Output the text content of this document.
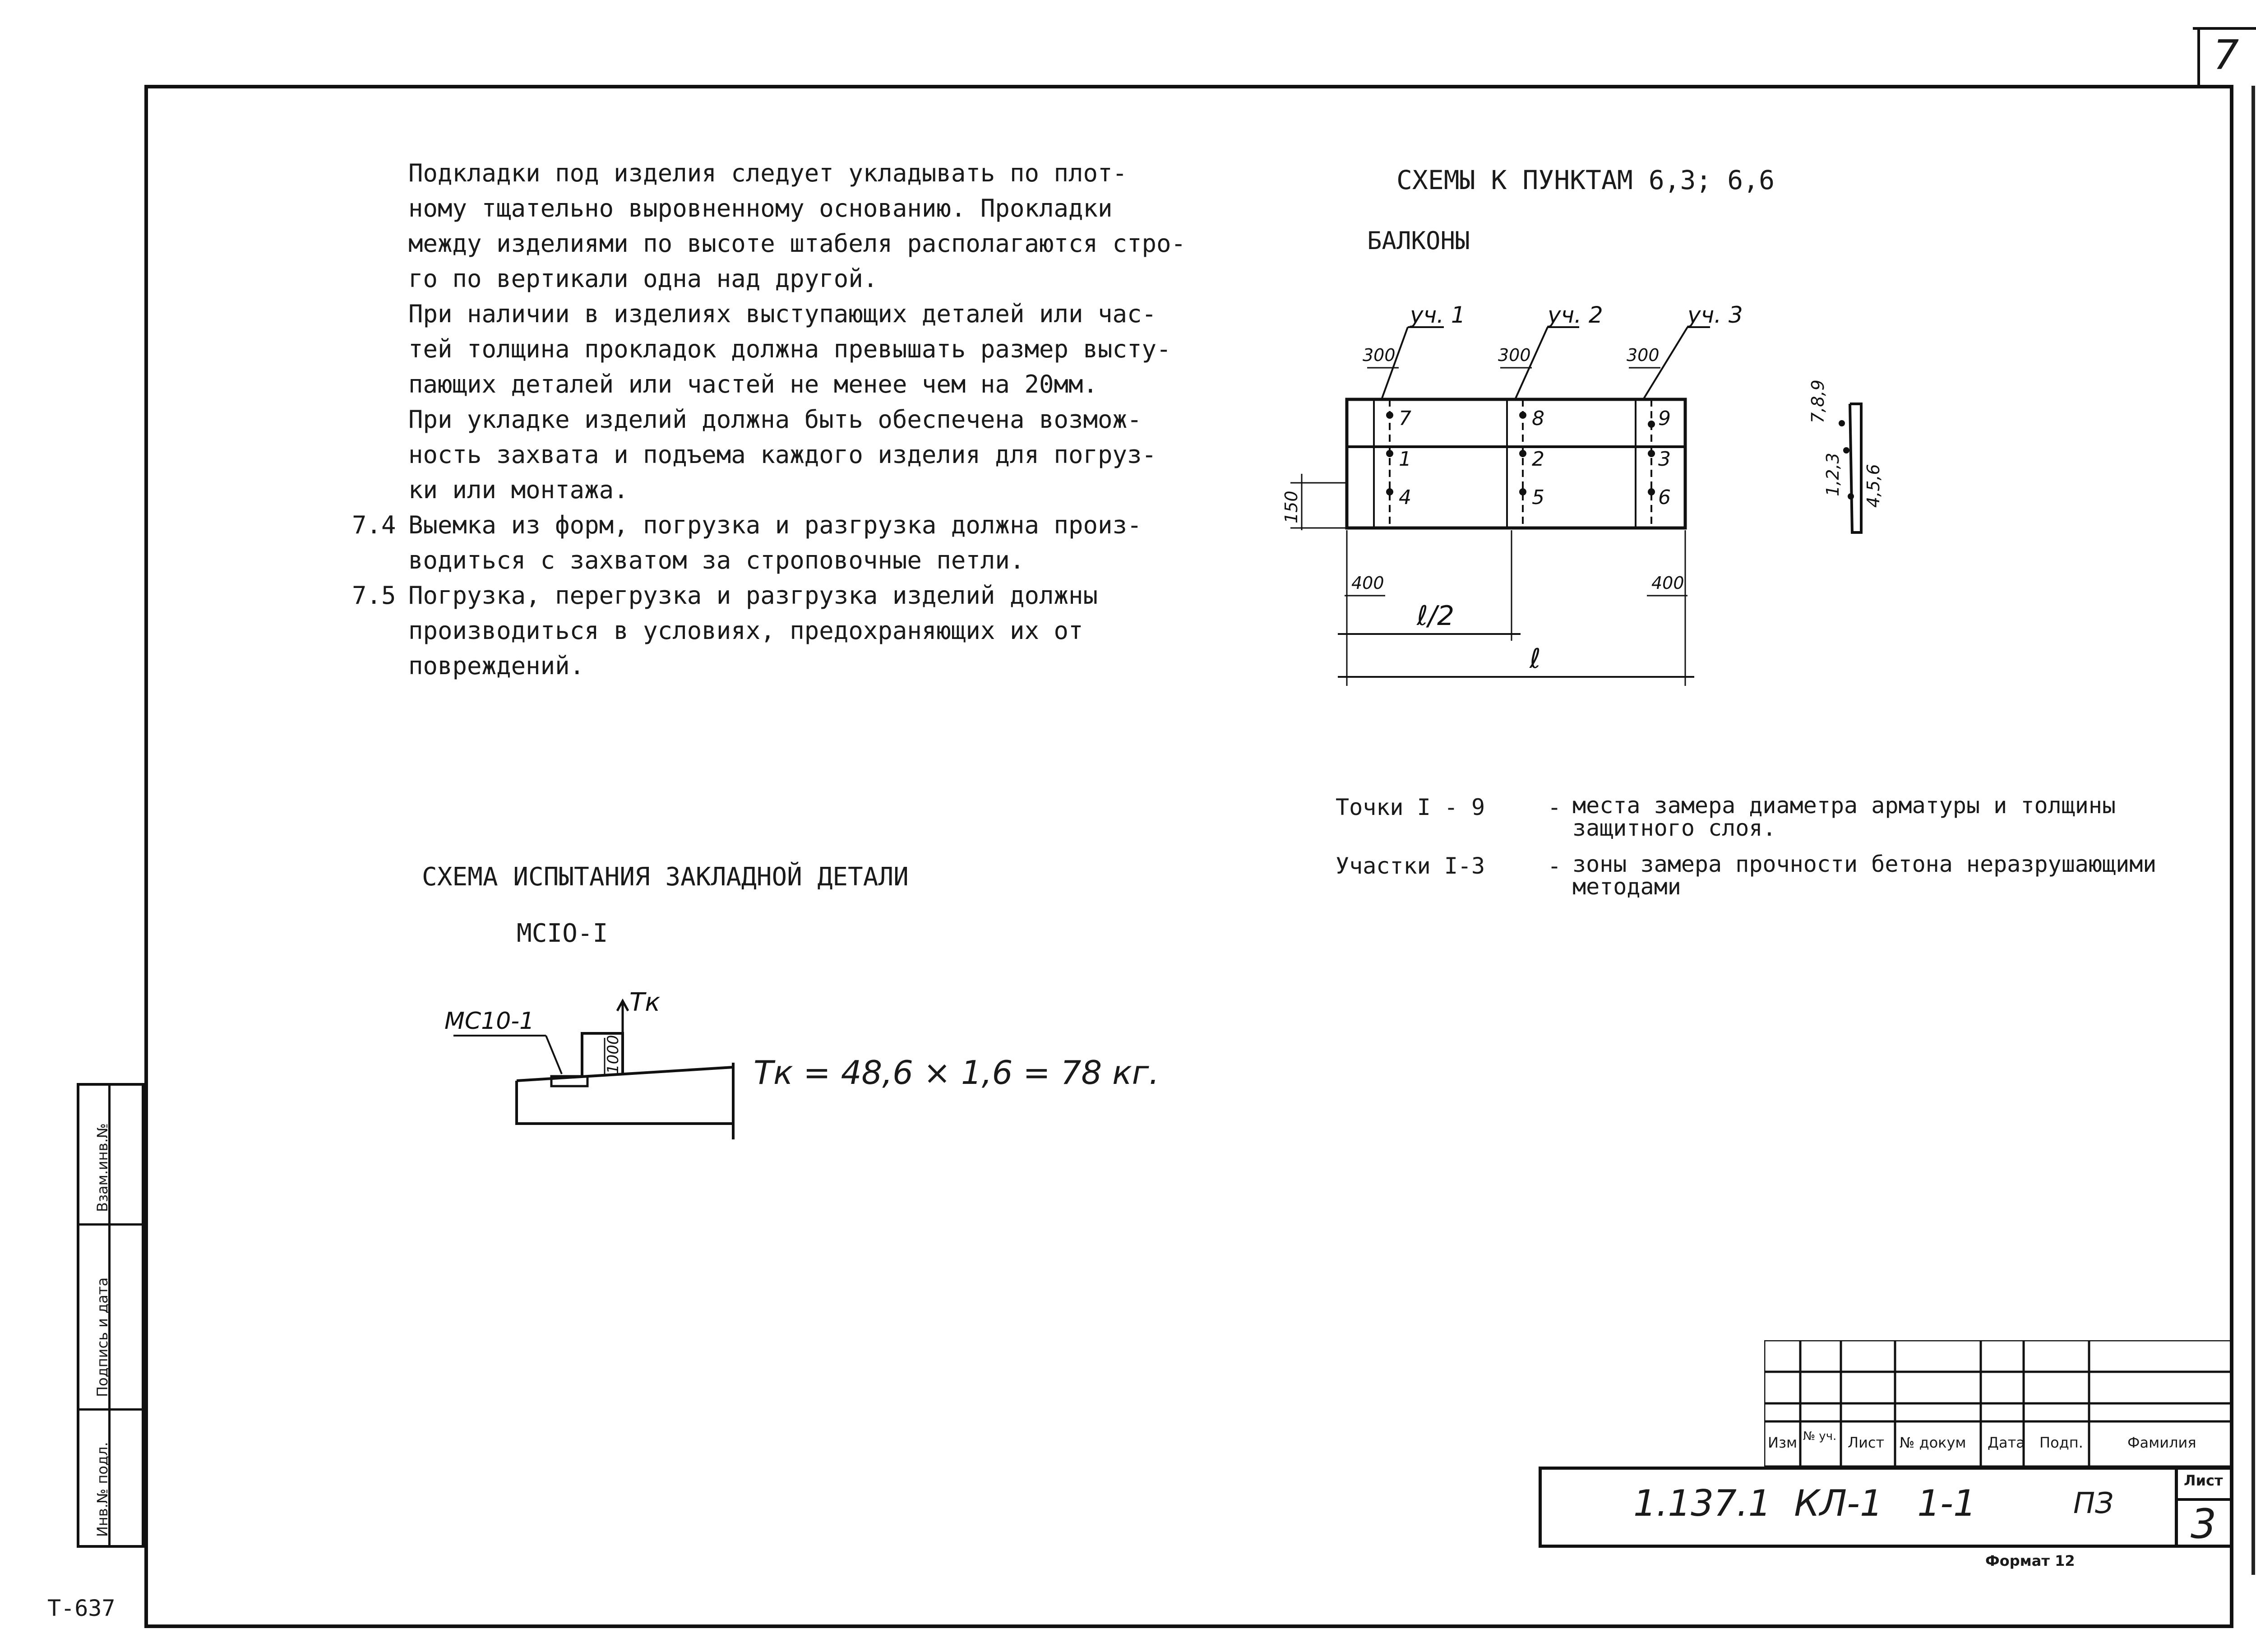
7
Подкладки под изделия следует укладывать по плот-
ному тщательно выровненному основанию. Прокладки
между изделиями по высоте штабеля располагаются стро-
го по вертикали одна над другой.
При наличии в изделиях выступающих деталей или час-
тей толщина прокладок должна превышать размер высту-
пающих деталей или частей не менее чем на 20мм.
При укладке изделий должна быть обеспечена возмож-
ность захвата и подъема каждого изделия для погруз-
ки или монтажа.
7.4 Выемка из форм, погрузка и разгрузка должна произ-
водиться с захватом за строповочные петли.
7.5 Погрузка, перегрузка и разгрузка изделий должны
производиться в условиях, предохраняющих их от
повреждений.
СХЕМА ИСПЫТАНИЯ ЗАКЛАДНОЙ ДЕТАЛИ
МСIО-I
МС10-1
Тк
1000	Тк = 48,6 × 1,6 = 78 кг.
СХЕМЫ К ПУНКТАМ 6,3; 6,6
БАЛКОНЫ
7	8	9
1	2	3
4	5	6
уч. 1	уч. 2	уч. 3
300	300	300
150
400	400
ℓ/2
ℓ
7,8,9
1,2,3 4,5,6
Точки I - 9	- места замера диаметра арматуры и толщины
защитного слоя.
Участки I-3	- зоны замера прочности бетона неразрушающими
методами
Взам.инв.№
Подпись и дата
Инв.№ подл.	Изм № уч. Лист № докум Дата Подп.	Фамилия
1.137.1  КЛ-1   1-1	ПЗ
Лист
3
Формат 12
Т-637
